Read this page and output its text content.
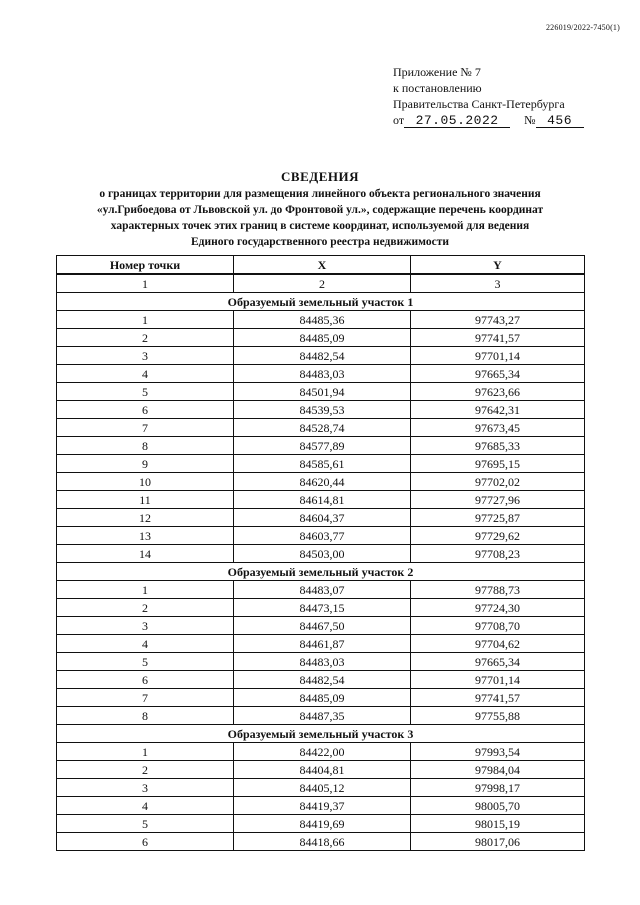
226019/2022-7450(1)
Приложение № 7
к постановлению
Правительства Санкт-Петербурга
от 27.05.2022	№ 456
СВЕДЕНИЯ
о границах территории для размещения линейного объекта регионального значения
«ул.Грибоедова от Львовской ул. до Фронтовой ул.», содержащие перечень координат
характерных точек этих границ в системе координат, используемой для ведения
Единого государственного реестра недвижимости
Номер точки	X	Y
1	2	3
Образуемый земельный участок 1		
1	84485,36	97743,27
2	84485,09	97741,57
3	84482,54	97701,14
4	84483,03	97665,34
5	84501,94	97623,66
6	84539,53	97642,31
7	84528,74	97673,45
8	84577,89	97685,33
9	84585,61	97695,15
10	84620,44	97702,02
11	84614,81	97727,96
12	84604,37	97725,87
13	84603,77	97729,62
14	84503,00	97708,23
Образуемый земельный участок 2		
1	84483,07	97788,73
2	84473,15	97724,30
3	84467,50	97708,70
4	84461,87	97704,62
5	84483,03	97665,34
6	84482,54	97701,14
7	84485,09	97741,57
8	84487,35	97755,88
Образуемый земельный участок 3		
1	84422,00	97993,54
2	84404,81	97984,04
3	84405,12	97998,17
4	84419,37	98005,70
5	84419,69	98015,19
6	84418,66	98017,06
